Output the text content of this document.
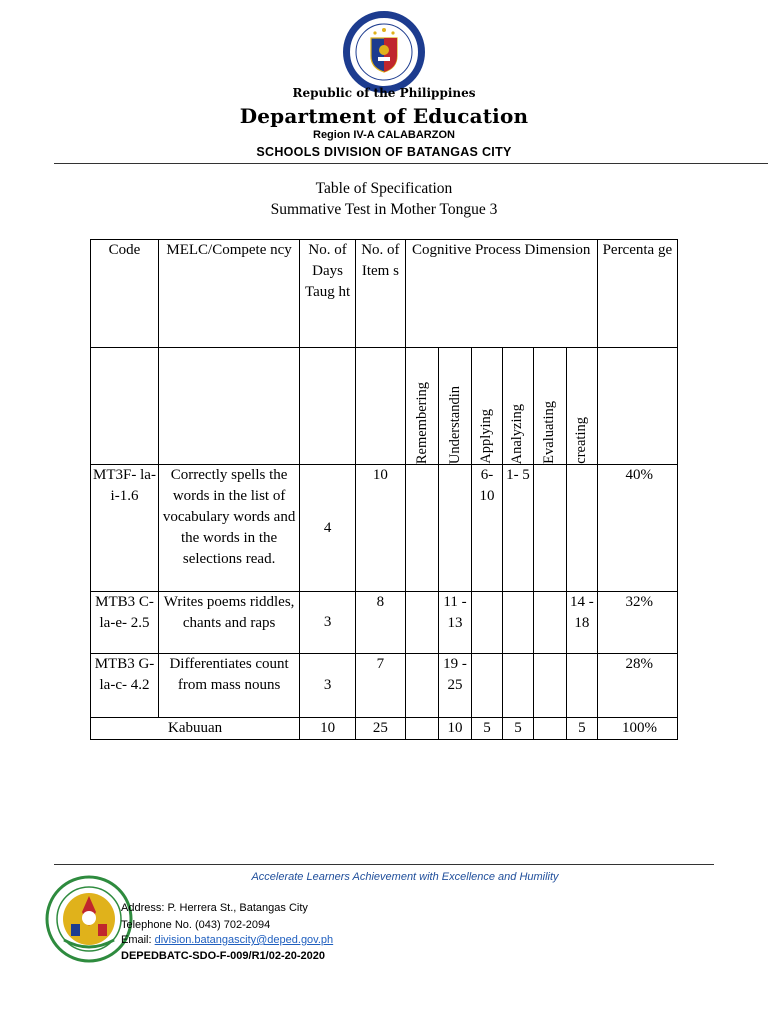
Republic of the Philippines
Department of Education
Region IV-A CALABARZON
SCHOOLS DIVISION OF BATANGAS CITY
Table of Specification
Summative Test in Mother Tongue 3
Code	MELC/Compete ncy	No. of Days Taug ht	No. of Item s	Cognitive Process Dimension						Percenta ge

				Remembering	Understandin	Applying	Analyzing	Evaluating	creating	

MT3F- la-i-1.6	Correctly spells the words in the list of vocabulary words and the words in the selections read.	4	10			6- 10	1- 5			40%
MTB3 C-la-e- 2.5	Writes poems riddles, chants and raps	3	8		11 - 13				14 - 18	32%
MTB3 G-la-c- 4.2	Differentiates count from mass nouns	3	7		19 - 25					28%
Kabuuan		10	25		10	5	5		5	100%
Accelerate Learners Achievement with Excellence and Humility
Address: P. Herrera St., Batangas City
Telephone No. (043) 702-2094
Email: division.batangascity@deped.gov.ph
DEPEDBATC-SDO-F-009/R1/02-20-2020
